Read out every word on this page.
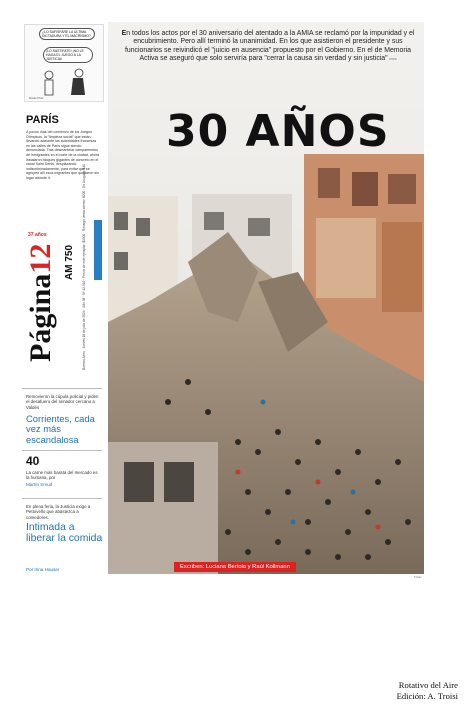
¿LO SAFISFARE LA ÚLTIMA DICTADURA Y EL MACRISMO?
¡LO SASTIFATE! ¡NO LE HAGA EL JUEGO A LA JUSTICIA!
Daniel Paz
PARÍS
A pocos días del comienzo de los Juegos Olímpicos, la "limpieza social" que están llevando adelante las autoridades francesas en las calles de París sigue siendo denunciada. Tras desmantelar campamentos de inmigrantes en el norte de la ciudad, ahora instalaron bloques gigantes de concreto en el canal Saint Denis, desplazando indiscriminadamente, para evitar que se agrupen allí esos migrantes que quedaron sin lugar adonde ir.
Página12
37 años
AM 750 Buenos Aires · Jueves 18 de julio de 2024 · Año 38 · Nº 12.510 · Precio de este ejemplar: $1500 · Recargo venta interior: $200 · En Uruguay: $40
Removieron la cúpula policial y piden el desafuero del senador cercano a Valdés
Corrientes, cada vez más escandalosa
40
La carne más barata del mercado es la humana, por
Martín Smud
En plena feria, la Justicia exige a Pettovello que abastezca a comedores.
Intimada a liberar la comida
Por Irina Hauser
En todos los actos por el 30 aniversario del atentado a la AMIA se reclamó por la impunidad y el encubrimiento. Pero allí terminó la unanimidad. En los que asistieron el presidente y sus funcionarios se reivindicó el "juicio en ausencia" propuesto por el Gobierno. En el de Memoria Activa se aseguró que solo serviría para "cerrar la causa sin verdad y sin justicia" P/2/3
30 AÑOS
Escriben: Luciana Bertoia y Raúl Kollmann
Télam
Rotativo del Aire
Edición: A. Troisi
